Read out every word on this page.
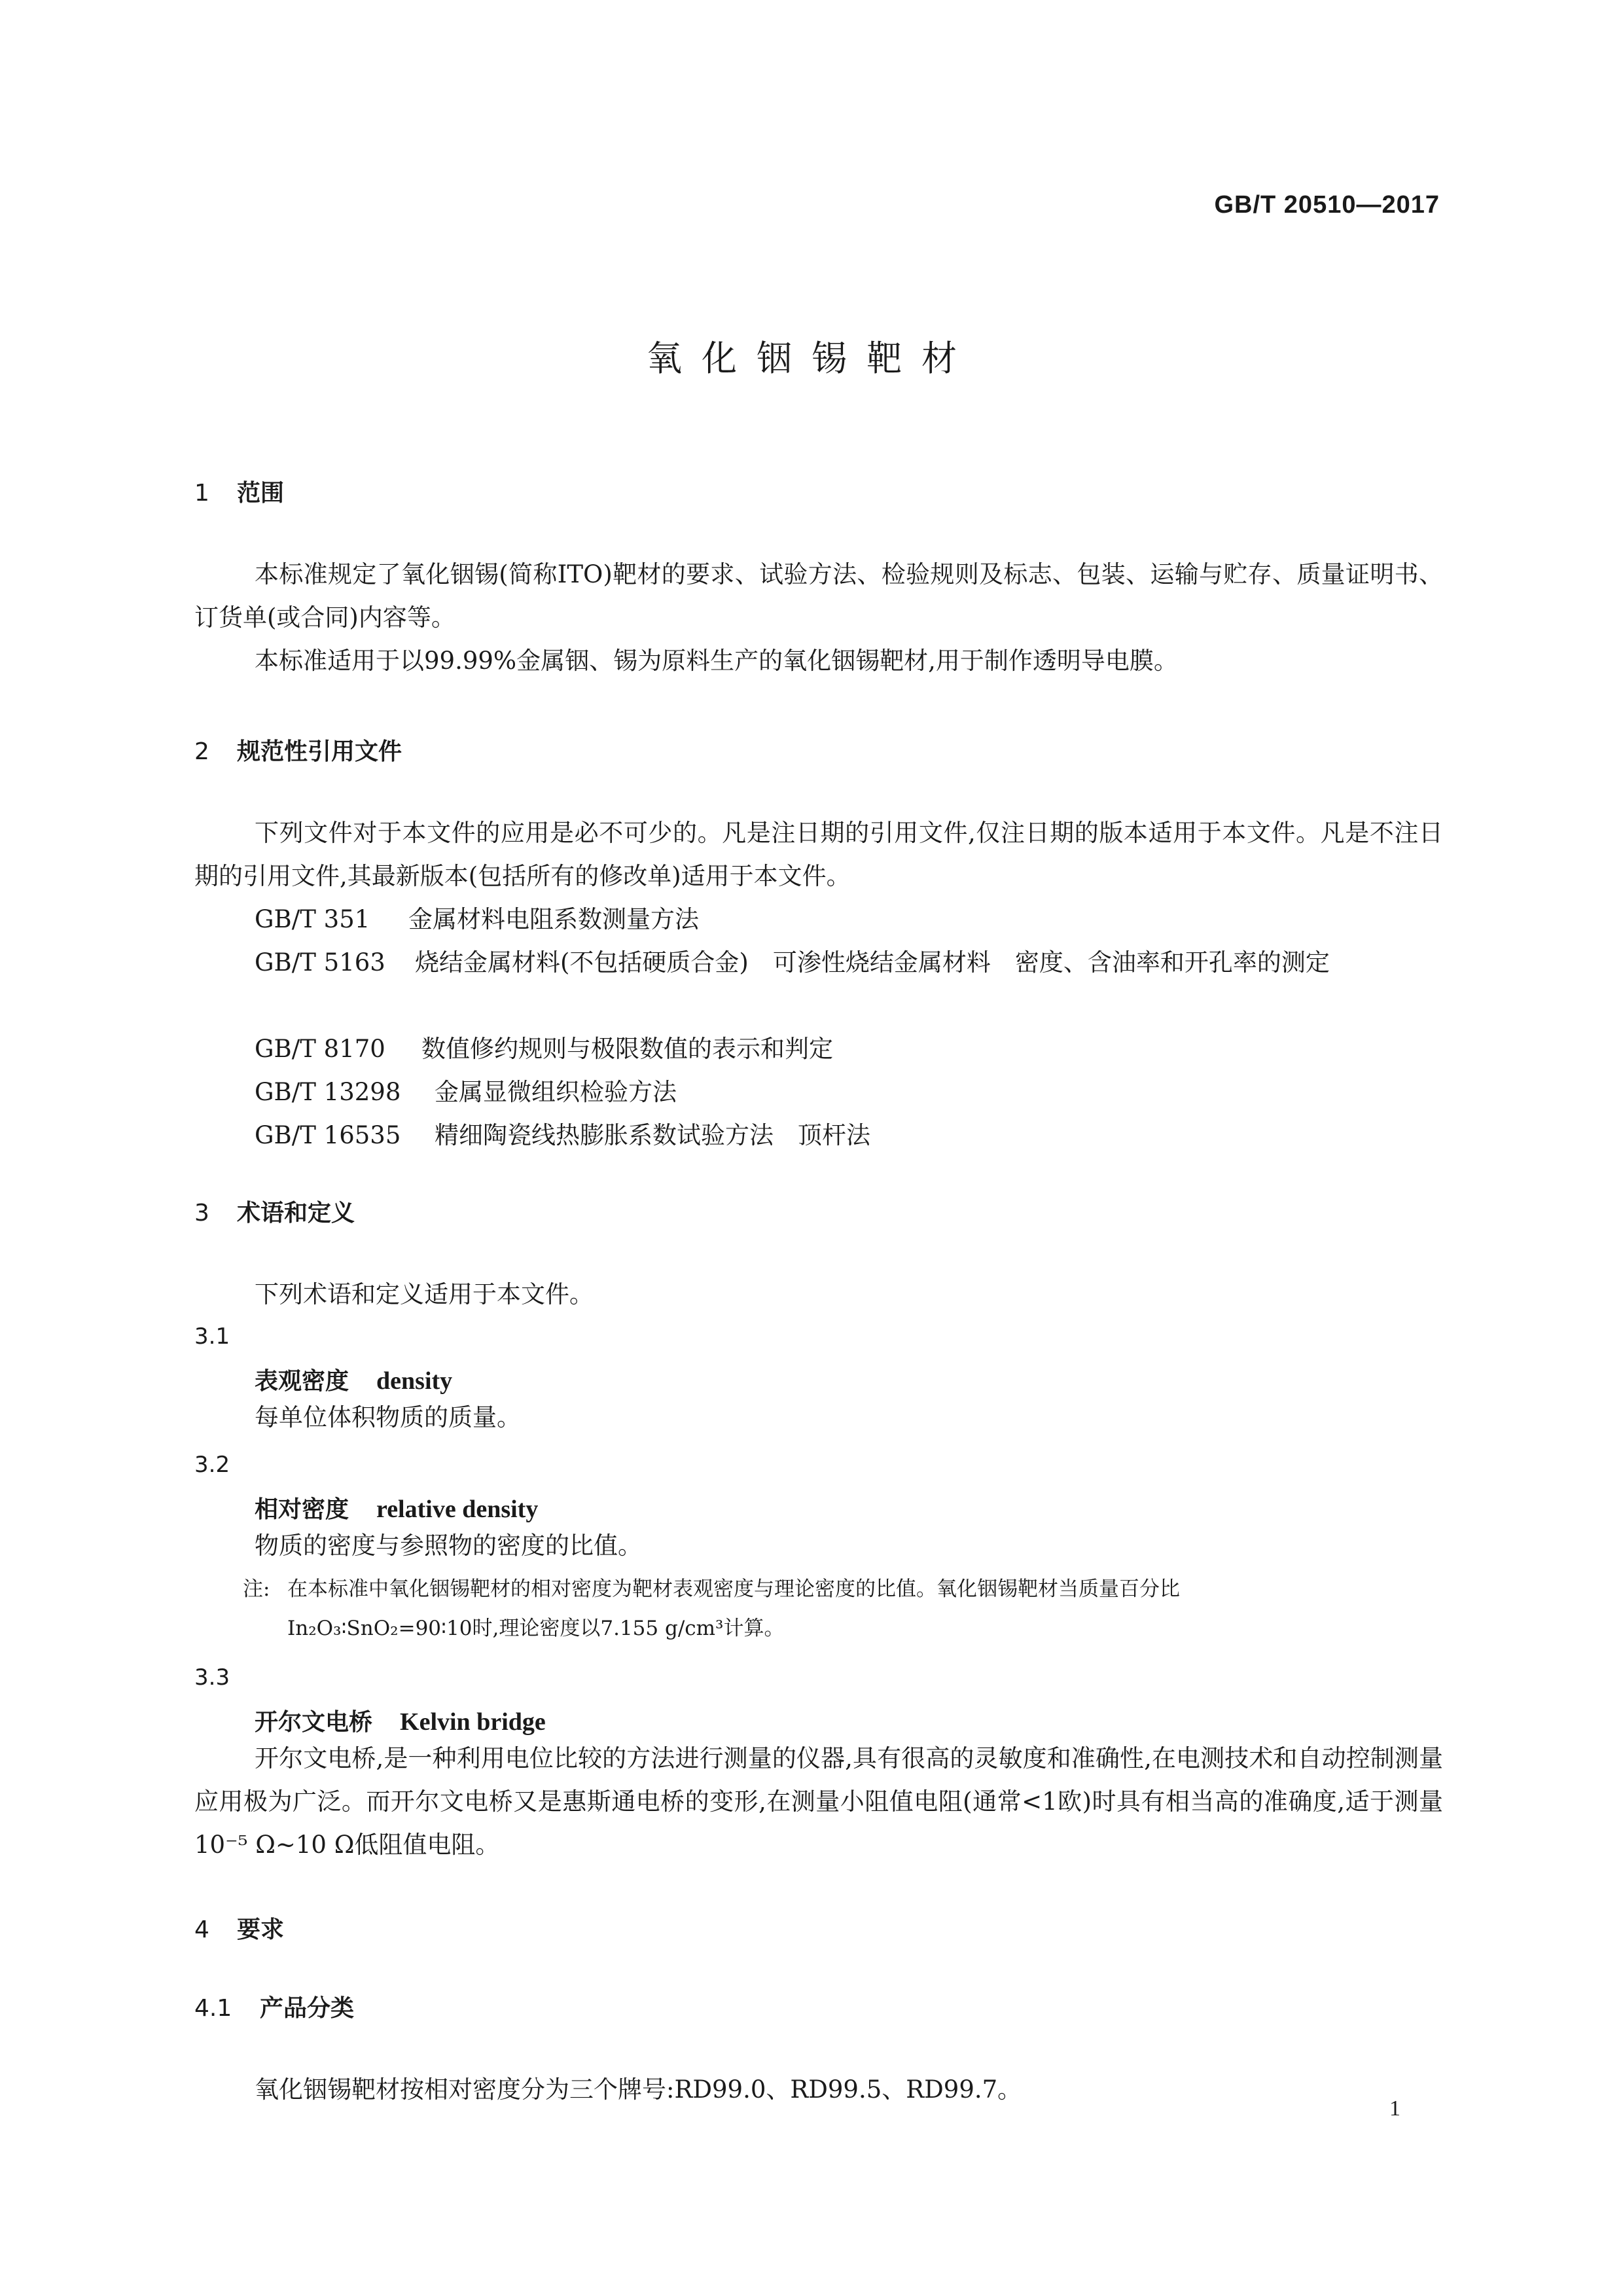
GB/T 20510—2017
氧化铟锡靶材
1 范围

本标准规定了氧化铟锡(简称ITO)靶材的要求、试验方法、检验规则及标志、包装、运输与贮存、质量证明书、订货单(或合同)内容等。

本标准适用于以99.99%金属铟、锡为原料生产的氧化铟锡靶材,用于制作透明导电膜。

2 规范性引用文件

下列文件对于本文件的应用是必不可少的。凡是注日期的引用文件,仅注日期的版本适用于本文件。凡是不注日期的引用文件,其最新版本(包括所有的修改单)适用于本文件。

GB/T 351 金属材料电阻系数测量方法

GB/T 5163 烧结金属材料(不包括硬质合金)　可渗性烧结金属材料　密度、含油率和开孔率的测定

GB/T 8170 数值修约规则与极限数值的表示和判定
GB/T 13298 金属显微组织检验方法
GB/T 16535 精细陶瓷线热膨胀系数试验方法　顶杆法
3 术语和定义
下列术语和定义适用于本文件。
3.1
表观密度 density
每单位体积物质的质量。
3.2
相对密度 relative density
物质的密度与参照物的密度的比值。
注: 在本标准中氧化铟锡靶材的相对密度为靶材表观密度与理论密度的比值。氧化铟锡靶材当质量百分比
In₂O₃∶SnO₂=90∶10时,理论密度以7.155 g/cm³计算。
3.3
开尔文电桥 Kelvin bridge

开尔文电桥,是一种利用电位比较的方法进行测量的仪器,具有很高的灵敏度和准确性,在电测技术和自动控制测量应用极为广泛。而开尔文电桥又是惠斯通电桥的变形,在测量小阻值电阻(通常<1欧)时具有相当高的准确度,适于测量10⁻⁵ Ω~10 Ω低阻值电阻。

4 要求
4.1 产品分类
氧化铟锡靶材按相对密度分为三个牌号:RD99.0、RD99.5、RD99.7。
1
